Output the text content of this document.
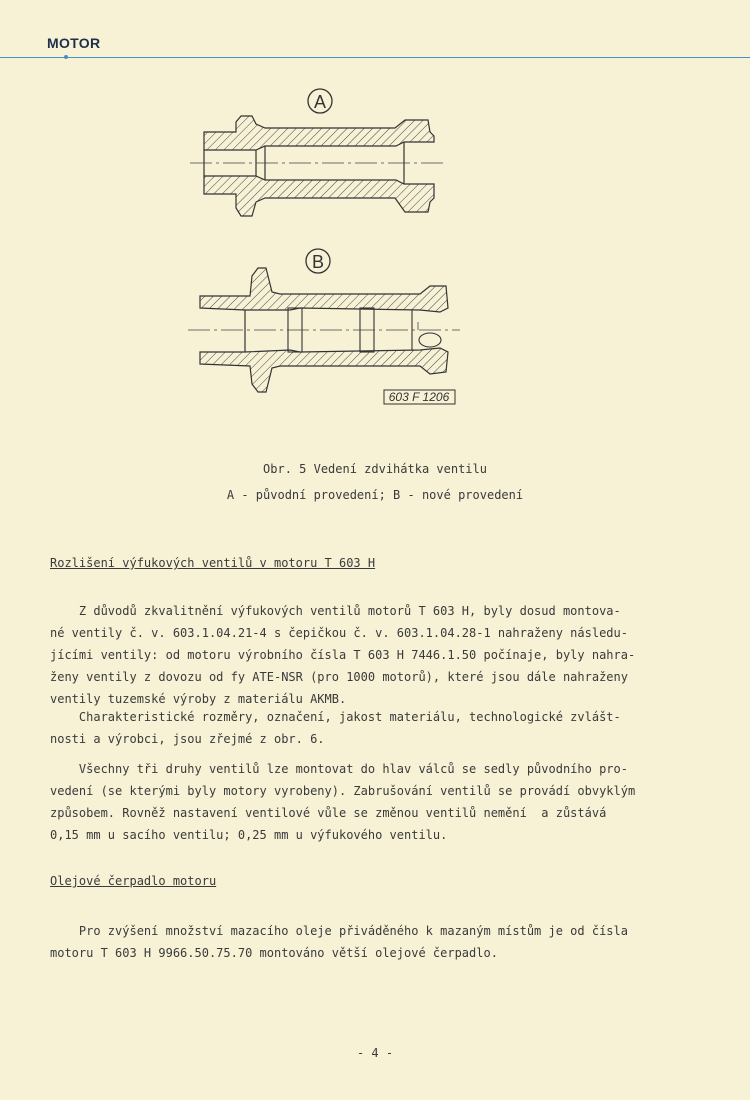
MOTOR
A
B
603 F 1206
Obr. 5 Vedení zdvihátka ventilu
A - původní provedení; B - nové provedení
Rozlišení výfukových ventilů v motoru T 603 H

Z důvodů zkvalitnění výfukových ventilů motorů T 603 H, byly dosud montova-
né ventily č. v. 603.1.04.21-4 s čepičkou č. v. 603.1.04.28-1 nahraženy následu-
jícími ventily: od motoru výrobního čísla T 603 H 7446.1.50 počínaje, byly nahra-
ženy ventily z dovozu od fy ATE-NSR (pro 1000 motorů), které jsou dále nahraženy
ventily tuzemské výroby z materiálu AKMB.

Charakteristické rozměry, označení, jakost materiálu, technologické zvlášt-
nosti a výrobci, jsou zřejmé z obr. 6.

Všechny tři druhy ventilů lze montovat do hlav válců se sedly původního pro-
vedení (se kterými byly motory vyrobeny). Zabrušování ventilů se provádí obvyklým
způsobem. Rovněž nastavení ventilové vůle se změnou ventilů nemění  a zůstává
0,15 mm u sacího ventilu; 0,25 mm u výfukového ventilu.

Olejové čerpadlo motoru

Pro zvýšení množství mazacího oleje přiváděného k mazaným místům je od čísla
motoru T 603 H 9966.50.75.70 montováno větší olejové čerpadlo.

- 4 -
